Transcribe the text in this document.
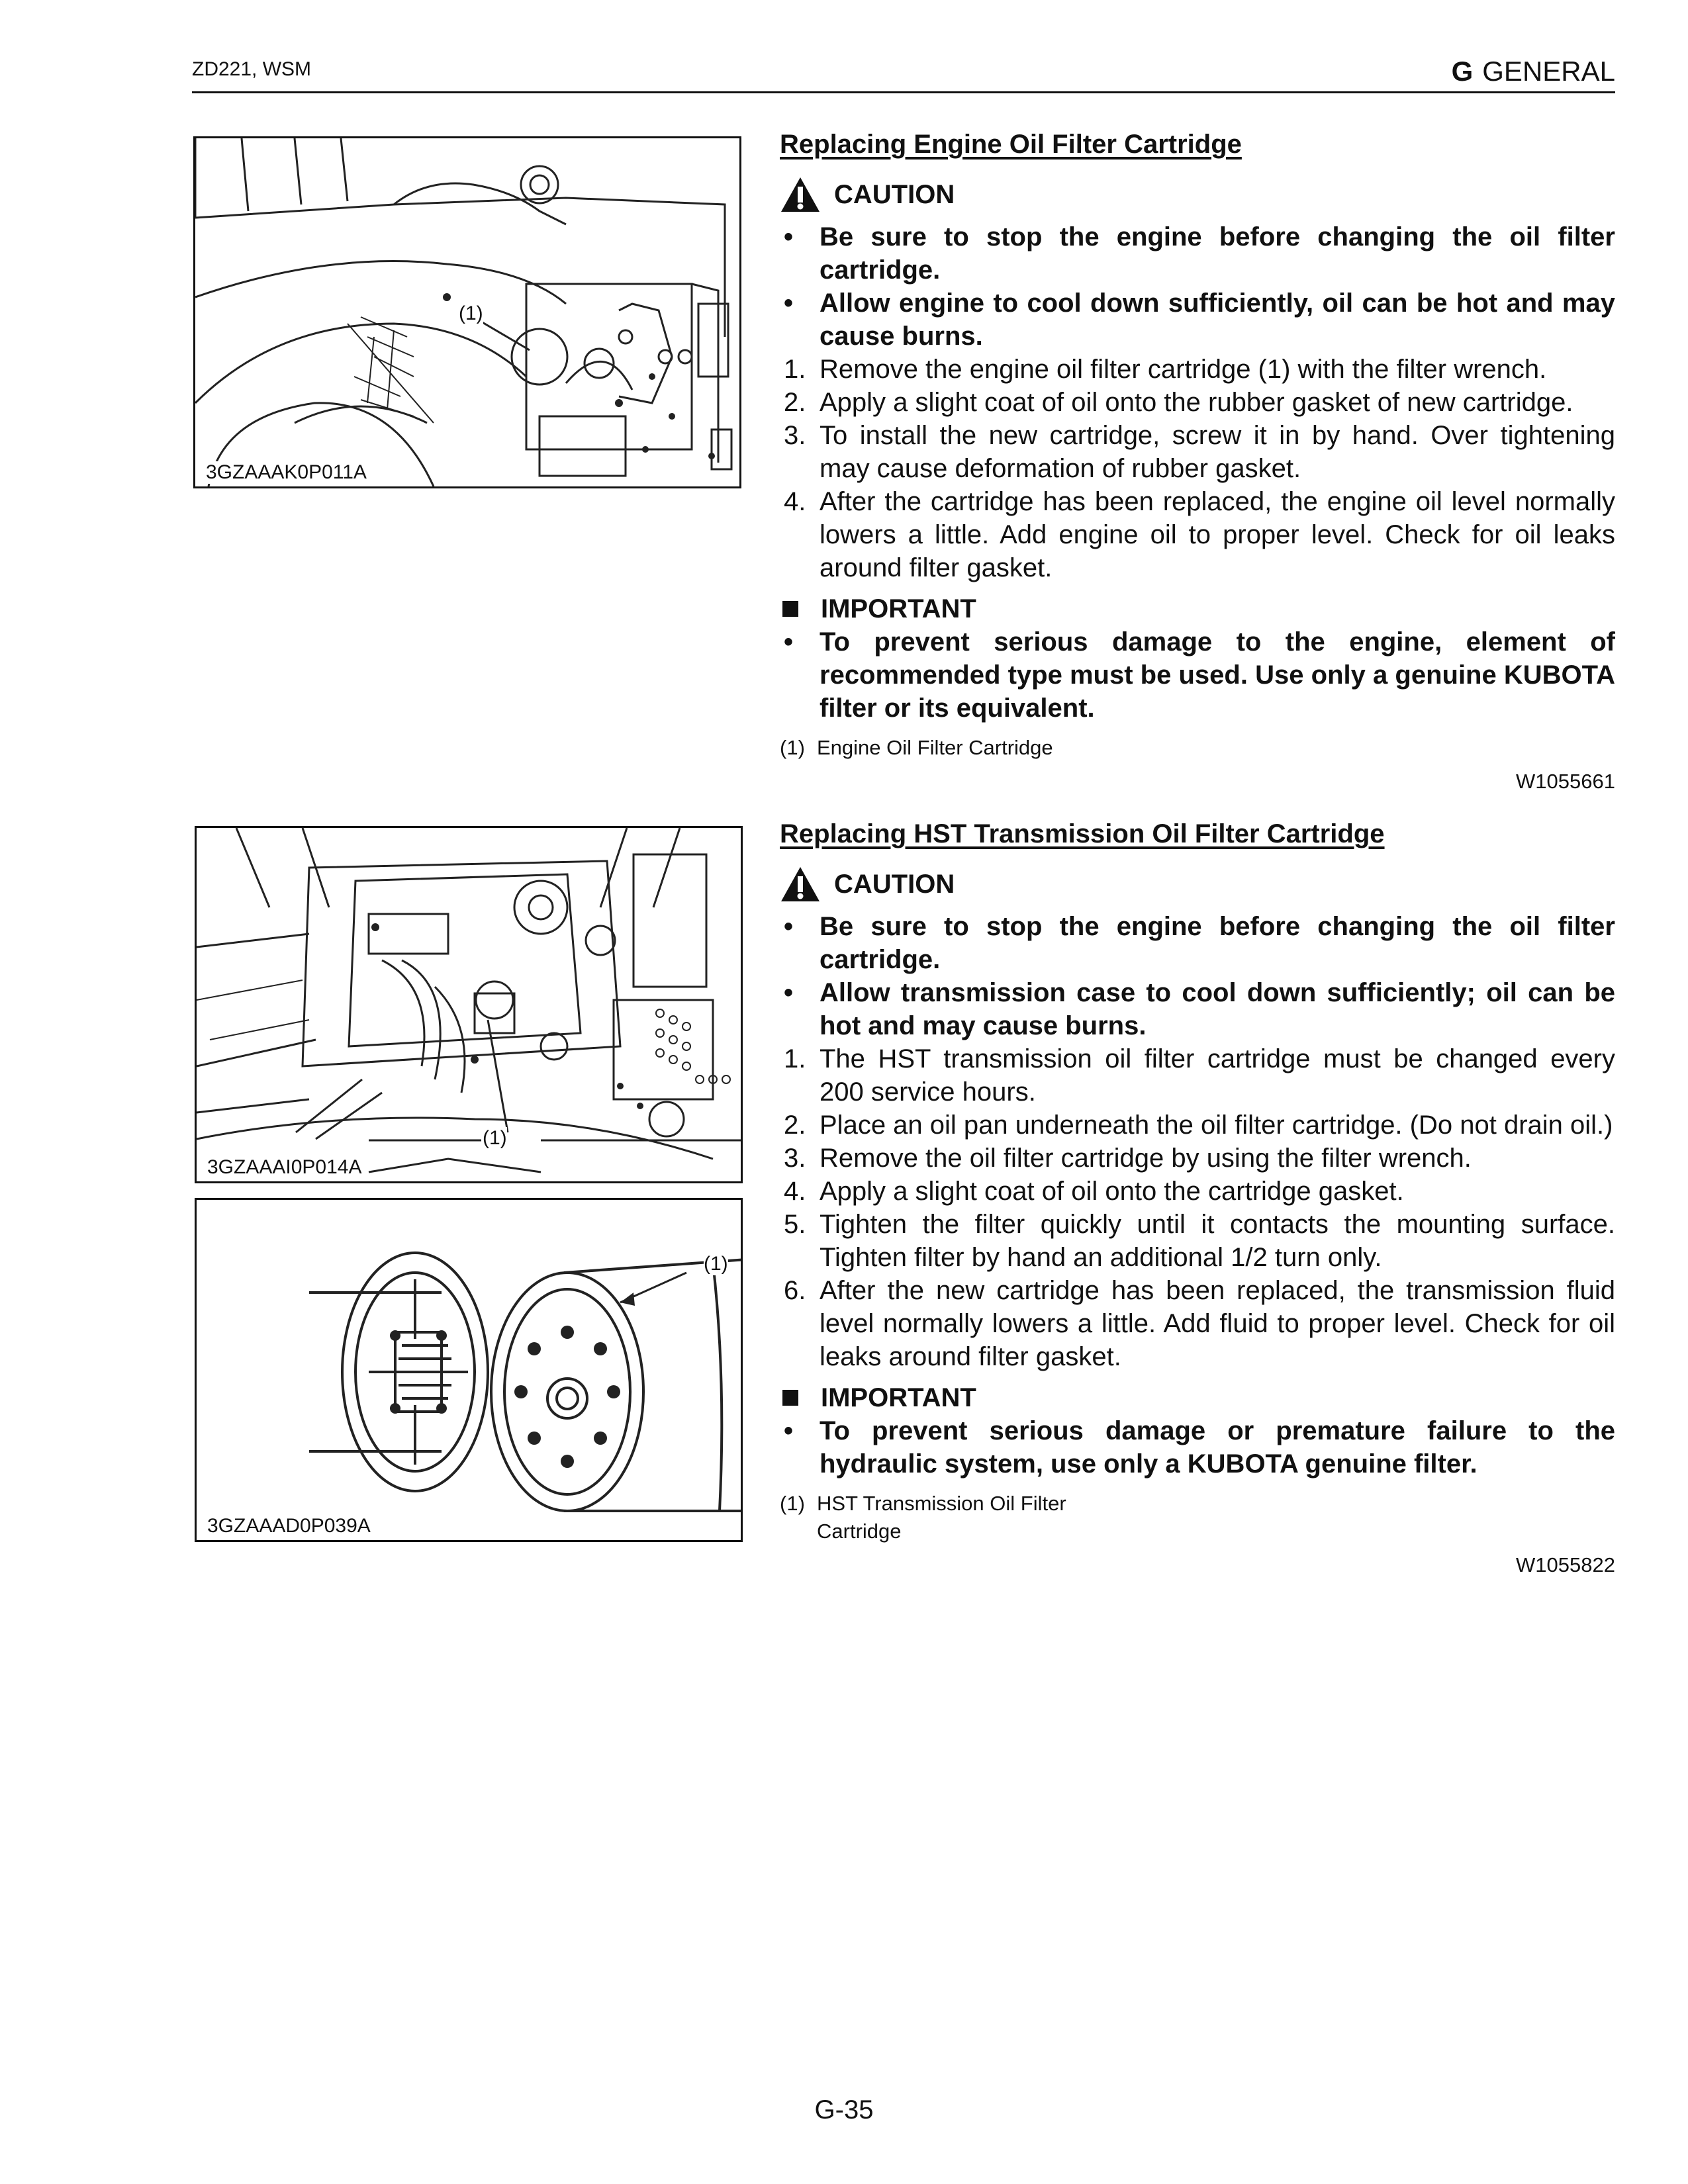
ZD221, WSM	G GENERAL
(1)
3GZAAAK0P011A
(1)
3GZAAAI0P014A
(1)
3GZAAAD0P039A
Replacing Engine Oil Filter Cartridge
CAUTION
• Be sure to stop the engine before changing the oil filter cartridge.
• Allow engine to cool down sufficiently, oil can be hot and may cause burns.
1. Remove the engine oil filter cartridge (1) with the filter wrench.
2. Apply a slight coat of oil onto the rubber gasket of new cartridge.
3. To install the new cartridge, screw it in by hand. Over tightening may cause deformation of rubber gasket.
4. After the cartridge has been replaced, the engine oil level normally lowers a little. Add engine oil to proper level. Check for oil leaks around filter gasket.
IMPORTANT
• To prevent serious damage to the engine, element of recommended type must be used. Use only a genuine KUBOTA filter or its equivalent.
(1) Engine Oil Filter Cartridge
W1055661
Replacing HST Transmission Oil Filter Cartridge
CAUTION
• Be sure to stop the engine before changing the oil filter cartridge.
• Allow transmission case to cool down sufficiently; oil can be hot and may cause burns.
1. The HST transmission oil filter cartridge must be changed every 200 service hours.
2. Place an oil pan underneath the oil filter cartridge. (Do not drain oil.)
3. Remove the oil filter cartridge by using the filter wrench.
4. Apply a slight coat of oil onto the cartridge gasket.
5. Tighten the filter quickly until it contacts the mounting surface. Tighten filter by hand an additional 1/2 turn only.
6. After the new cartridge has been replaced, the transmission fluid level normally lowers a little. Add fluid to proper level. Check for oil leaks around filter gasket.
IMPORTANT
• To prevent serious damage or premature failure to the hydraulic system, use only a KUBOTA genuine filter.
(1) HST Transmission Oil Filter Cartridge
W1055822
G-35
